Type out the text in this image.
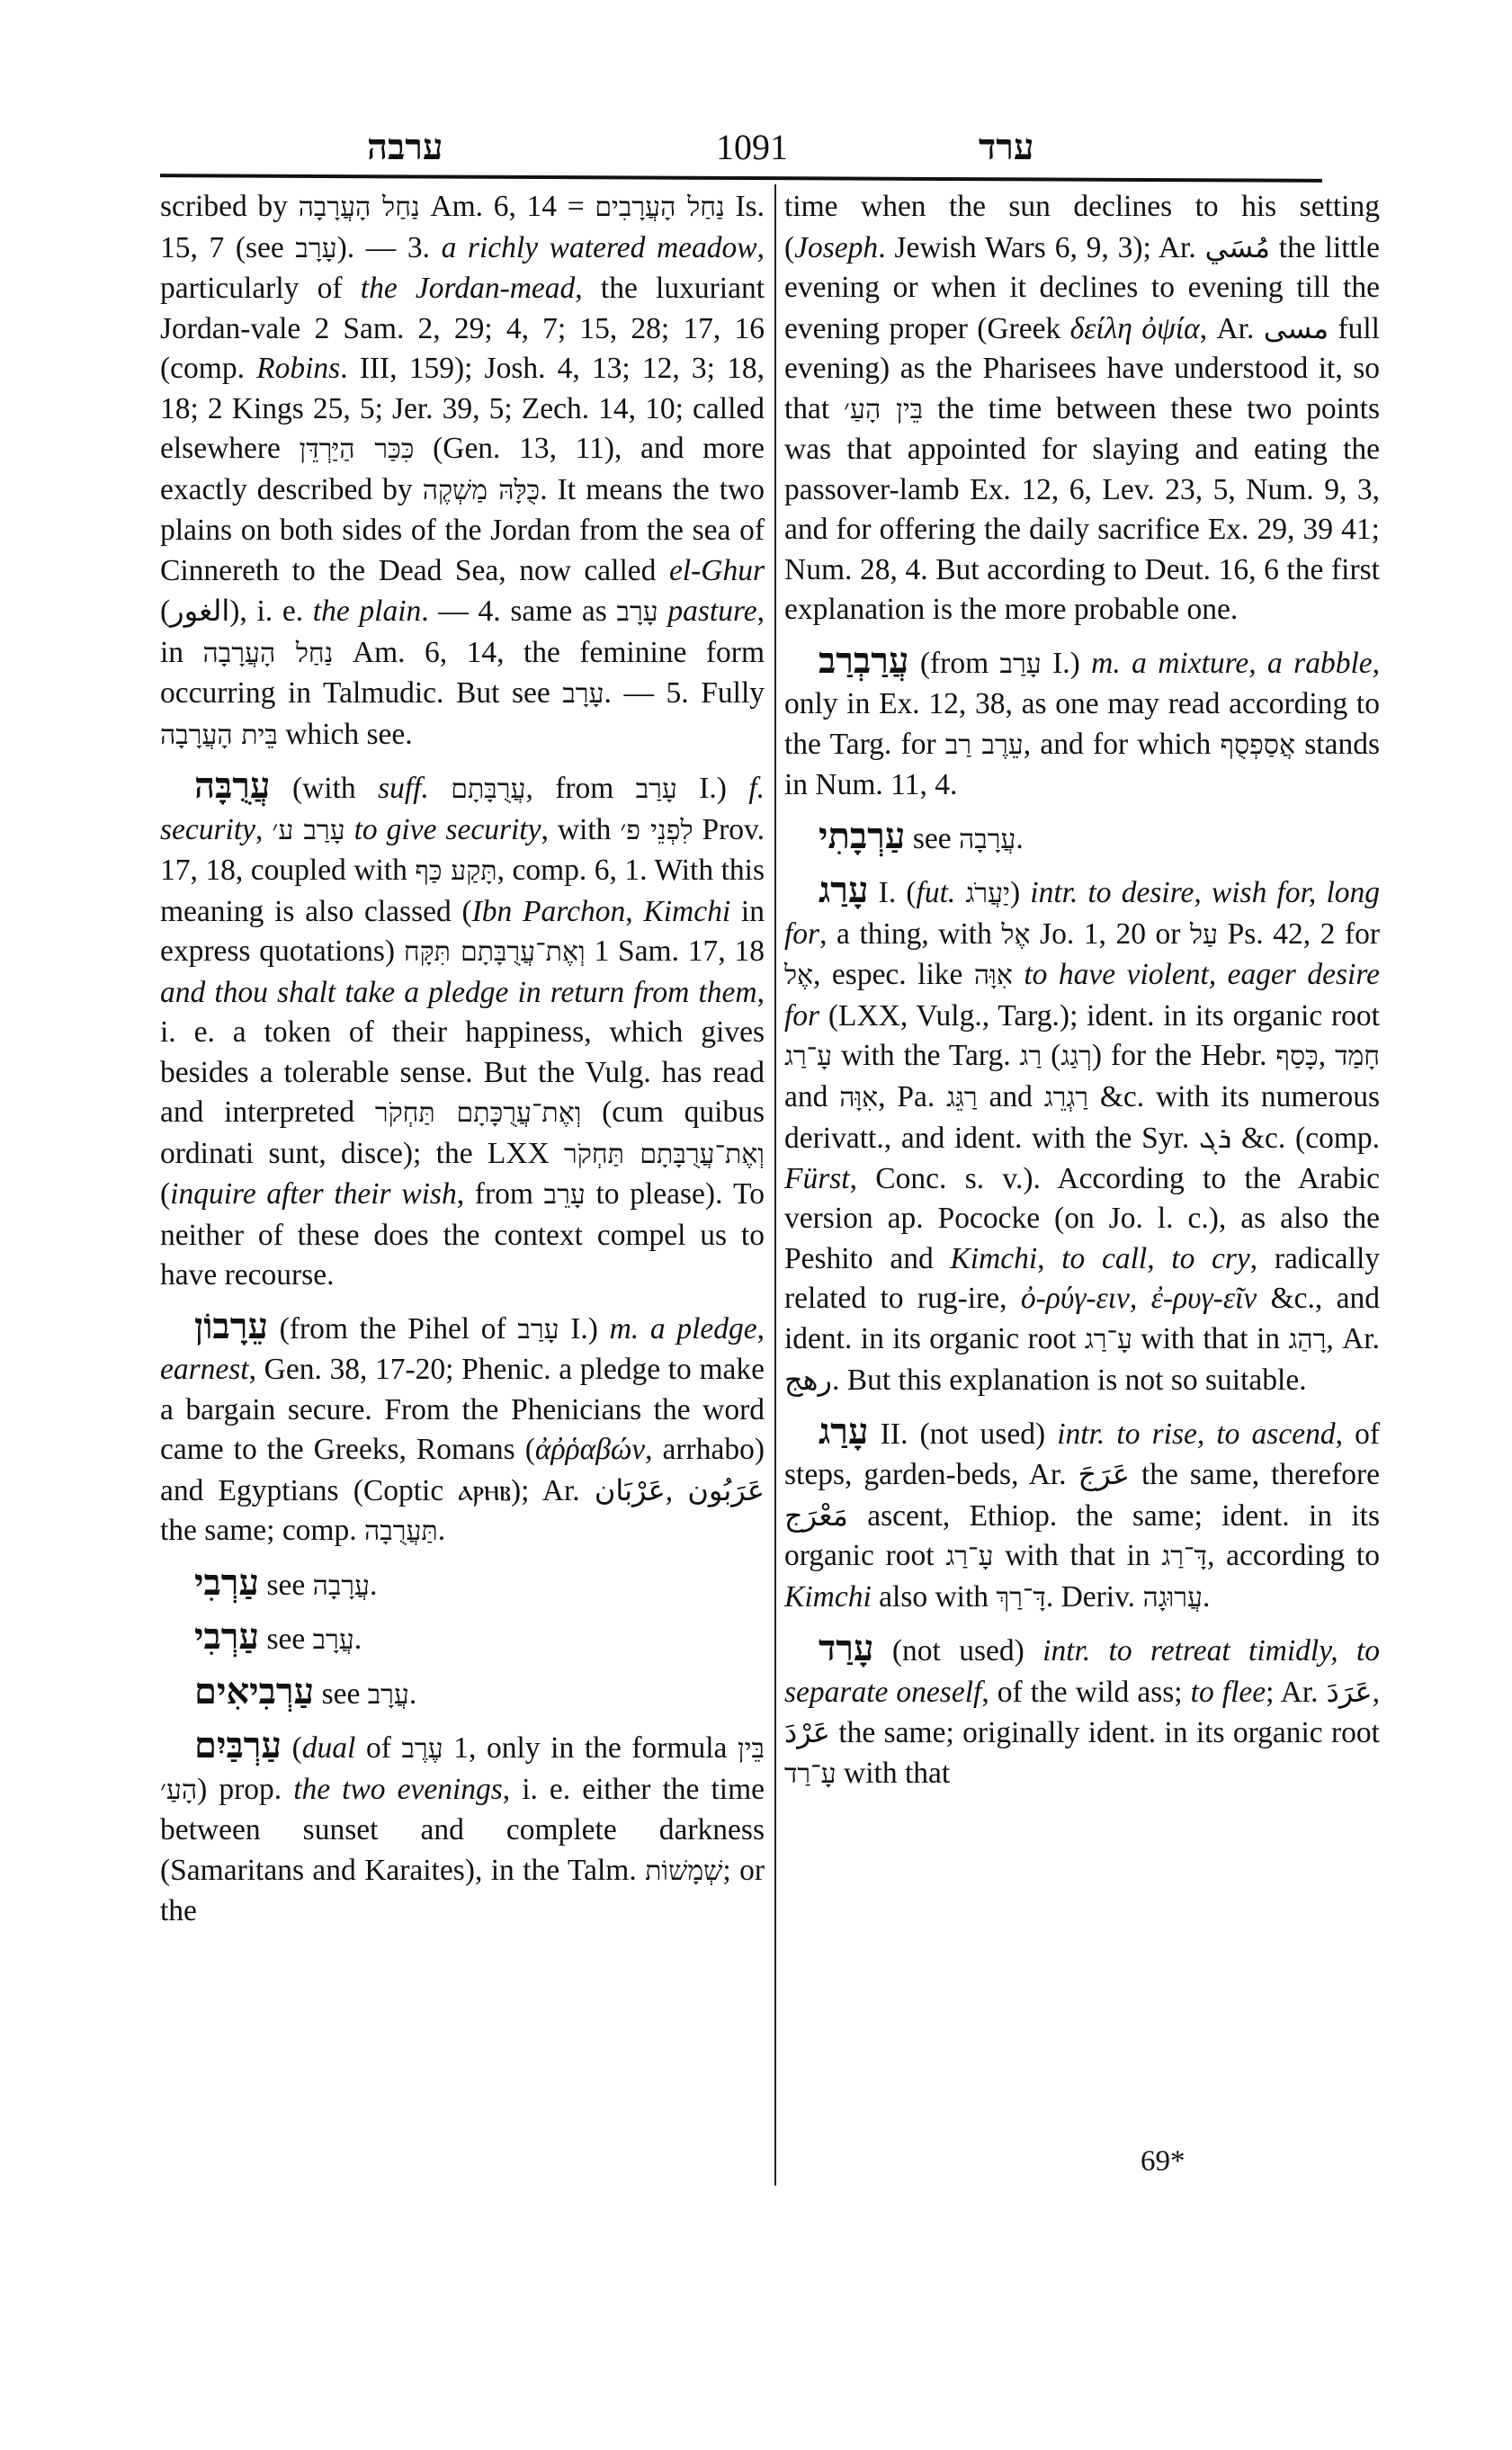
ערבה	1091	ערד

scribed by נַחַל הָעֲרָבָה Am. 6, 14 = נַחַל הָעֲרָבִים Is. 15, 7 (see עָרָב). — 3. a richly watered meadow, particularly of the Jordan-mead, the luxuriant Jordan-vale 2 Sam. 2, 29; 4, 7; 15, 28; 17, 16 (comp. Robins. III, 159); Josh. 4, 13; 12, 3; 18, 18; 2 Kings 25, 5; Jer. 39, 5; Zech. 14, 10; called elsewhere כִּכַּר הַיַּרְדֵּן (Gen. 13, 11), and more exactly described by כֻּלָּהּ מַשְׁקֶה. It means the two plains on both sides of the Jordan from the sea of Cinnereth to the Dead Sea, now called el-Ghur (الغور), i. e. the plain. — 4. same as עָרָב pasture, in נַחַל הָעֲרָבָה Am. 6, 14, the feminine form occurring in Talmudic. But see עָרָב. — 5. Fully בֵּית הָעֲרָבָה which see.

עֲרֻבָּה (with suff. עֲרֻבָּתָם, from עָרַב I.) f. security, עָרַב ע׳ to give security, with לִפְנֵי פ׳ Prov. 17, 18, coupled with תָּקַע כַּף, comp. 6, 1. With this meaning is also classed (Ibn Parchon, Kimchi in express quotations) וְאֶת־עֲרֻבָּתָם תִּקָּח 1 Sam. 17, 18 and thou shalt take a pledge in return from them, i. e. a token of their happiness, which gives besides a tolerable sense. But the Vulg. has read and interpreted וְאֶת־עֲרֻכָּתָם תַּחְקֹר (cum quibus ordinati sunt, disce); the LXX וְאֶת־עֲרֻבָּתָם תַּחְקֹר (inquire after their wish, from עָרֵב to please). To neither of these does the context compel us to have recourse.

עֵרָבוֹן (from the Pihel of עָרַב I.) m. a pledge, earnest, Gen. 38, 17-20; Phenic. a pledge to make a bargain secure. From the Phenicians the word came to the Greeks, Romans (ἀῤῥαβών, arrhabo) and Egyptians (Coptic ⲁⲣⲏⲃ); Ar. عَرْبَان, عَرَبُون the same; comp. תַּעֲרֻבָה.

עַרְבִי see עֲרָבָה.

עַרְבִי see עֲרָב.

עַרְבִיאִים see עֲרָב.

עַרְבַּיִם (dual of עֶרֶב 1, only in the formula בֵּין הָעַ׳) prop. the two evenings, i. e. either the time between sunset and complete darkness (Samaritans and Karaites), in the Talm. שְׁמָשׁוֹת; or the

time when the sun declines to his setting (Joseph. Jewish Wars 6, 9, 3); Ar. مُسَي the little evening or when it declines to evening till the evening proper (Greek δείλη ὀψία, Ar. مسى full evening) as the Pharisees have understood it, so that בֵּין הָעַ׳ the time between these two points was that appointed for slaying and eating the passover-lamb Ex. 12, 6, Lev. 23, 5, Num. 9, 3, and for offering the daily sacrifice Ex. 29, 39 41; Num. 28, 4. But according to Deut. 16, 6 the first explanation is the more probable one.

עֲרַבְרַב (from עָרַב I.) m. a mixture, a rabble, only in Ex. 12, 38, as one may read according to the Targ. for עֵרֶב רַב, and for which אֲסַפְסֻף stands in Num. 11, 4.

עַרְבָתִי see עֲרָבָה.

עָרַג I. (fut. יַעֲרֹג) intr. to desire, wish for, long for, a thing, with אֶל Jo. 1, 20 or עַל Ps. 42, 2 for אֶל, espec. like אִוָּה to have violent, eager desire for (LXX, Vulg., Targ.); ident. in its organic root עָ־רַג with the Targ. רַג (רְגַג) for the Hebr. כָּסַף, חָמַד and אִוָּה, Pa. רַגֵּג and רַגְרֵג &c. with its numerous derivatt., and ident. with the Syr. ܪܓ &c. (comp. Fürst, Conc. s. v.). According to the Arabic version ap. Pococke (on Jo. l. c.), as also the Peshito and Kimchi, to call, to cry, radically related to rug-ire, ὀ-ρύγ-ειν, ἐ-ρυγ-εῖν &c., and ident. in its organic root עָ־רַג with that in רָהַג, Ar. رهج. But this explanation is not so suitable.

עָרַג II. (not used) intr. to rise, to ascend, of steps, garden-beds, Ar. عَرَجَ the same, therefore مَعْرَج ascent, Ethiop. the same; ident. in its organic root עָ־רַג with that in דָּ־רַג, according to Kimchi also with דָּ־רַךְ. Deriv. עֲרוּגָה.

עָרַד (not used) intr. to retreat timidly, to separate oneself, of the wild ass; to flee; Ar. عَرَدَ, عَرْدَ the same; originally ident. in its organic root עָ־רַד with that

69*
